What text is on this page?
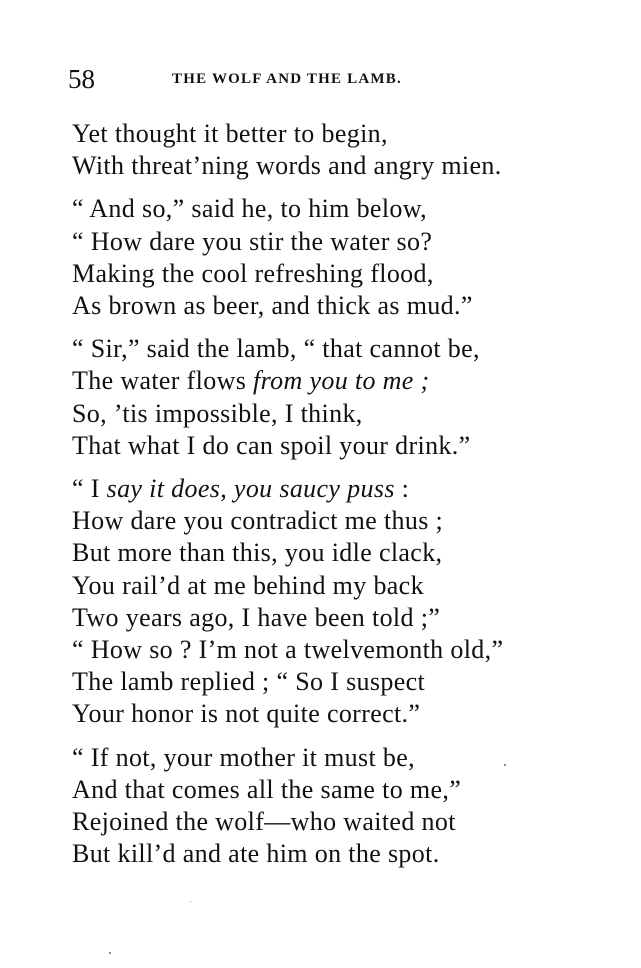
58	THE WOLF AND THE LAMB.
Yet thought it better to begin,
With threat’ning words and angry mien.
“ And so,” said he, to him below,
“ How dare you stir the water so?
Making the cool refreshing flood,
As brown as beer, and thick as mud.”
“ Sir,” said the lamb, “ that cannot be,
The water flows from you to me ;
So, ’tis impossible, I think,
That what I do can spoil your drink.”
“ I say it does, you saucy puss :
How dare you contradict me thus ;
But more than this, you idle clack,
You rail’d at me behind my back
Two years ago, I have been told ;”
“ How so ? I’m not a twelvemonth old,”
The lamb replied ; “ So I suspect
Your honor is not quite correct.”
“ If not, your mother it must be,
And that comes all the same to me,”
Rejoined the wolf—who waited not
But kill’d and ate him on the spot.
